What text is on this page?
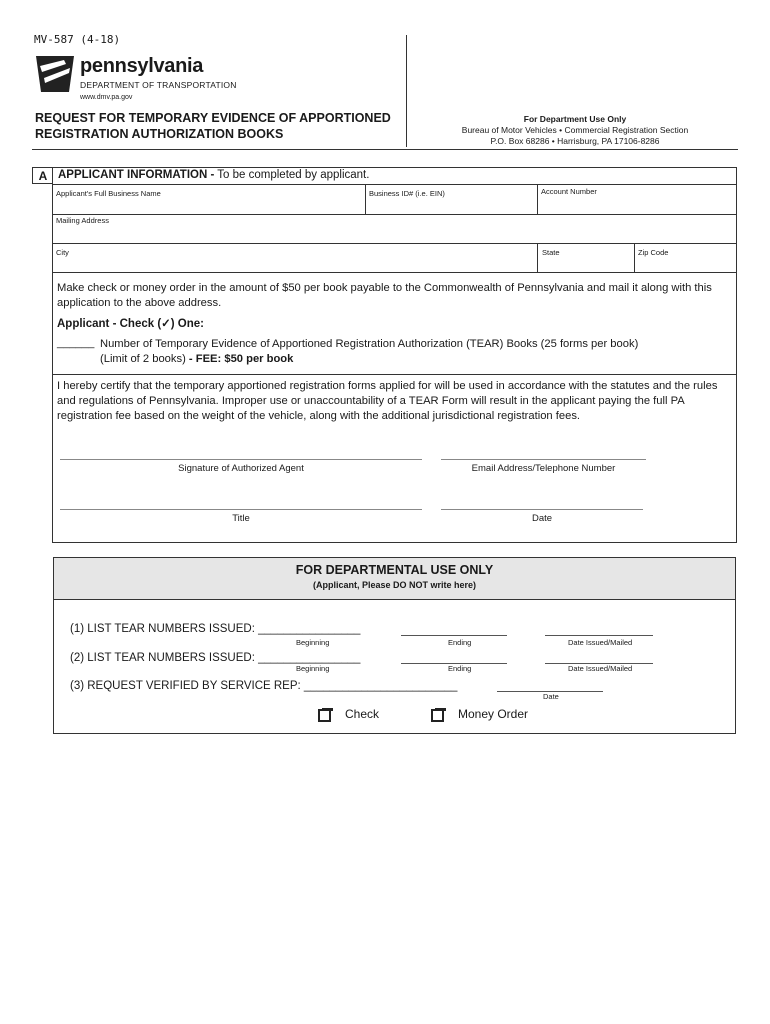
MV-587 (4-18)
pennsylvania
DEPARTMENT OF TRANSPORTATION
www.dmv.pa.gov
REQUEST FOR TEMPORARY EVIDENCE OF APPORTIONED
REGISTRATION AUTHORIZATION BOOKS
For Department Use Only
Bureau of Motor Vehicles • Commercial Registration Section
P.O. Box 68286 • Harrisburg, PA 17106-8286
A APPLICANT INFORMATION - To be completed by applicant.
Applicant's Full Business Name	Business ID# (i.e. EIN)	Account Number
Mailing Address
City	State	Zip Code
Make check or money order in the amount of $50 per book payable to the Commonwealth of Pennsylvania and mail it along with this application to the above address.
Applicant - Check (✓) One:
______ Number of Temporary Evidence of Apportioned Registration Authorization (TEAR) Books (25 forms per book)
(Limit of 2 books) - FEE: $50 per book
I hereby certify that the temporary apportioned registration forms applied for will be used in accordance with the statutes and the rules and regulations of Pennsylvania. Improper use or unaccountability of a TEAR Form will result in the applicant paying the full PA registration fee based on the weight of the vehicle, along with the additional jurisdictional registration fees.
Signature of Authorized Agent	Email Address/Telephone Number
Title	Date
FOR DEPARTMENTAL USE ONLY
(Applicant, Please DO NOT write here)
(1) LIST TEAR NUMBERS ISSUED: ________________
Beginning	Ending	Date Issued/Mailed
(2) LIST TEAR NUMBERS ISSUED: ________________
Beginning	Ending	Date Issued/Mailed
(3) REQUEST VERIFIED BY SERVICE REP: ________________________
Date
Check	Money Order
